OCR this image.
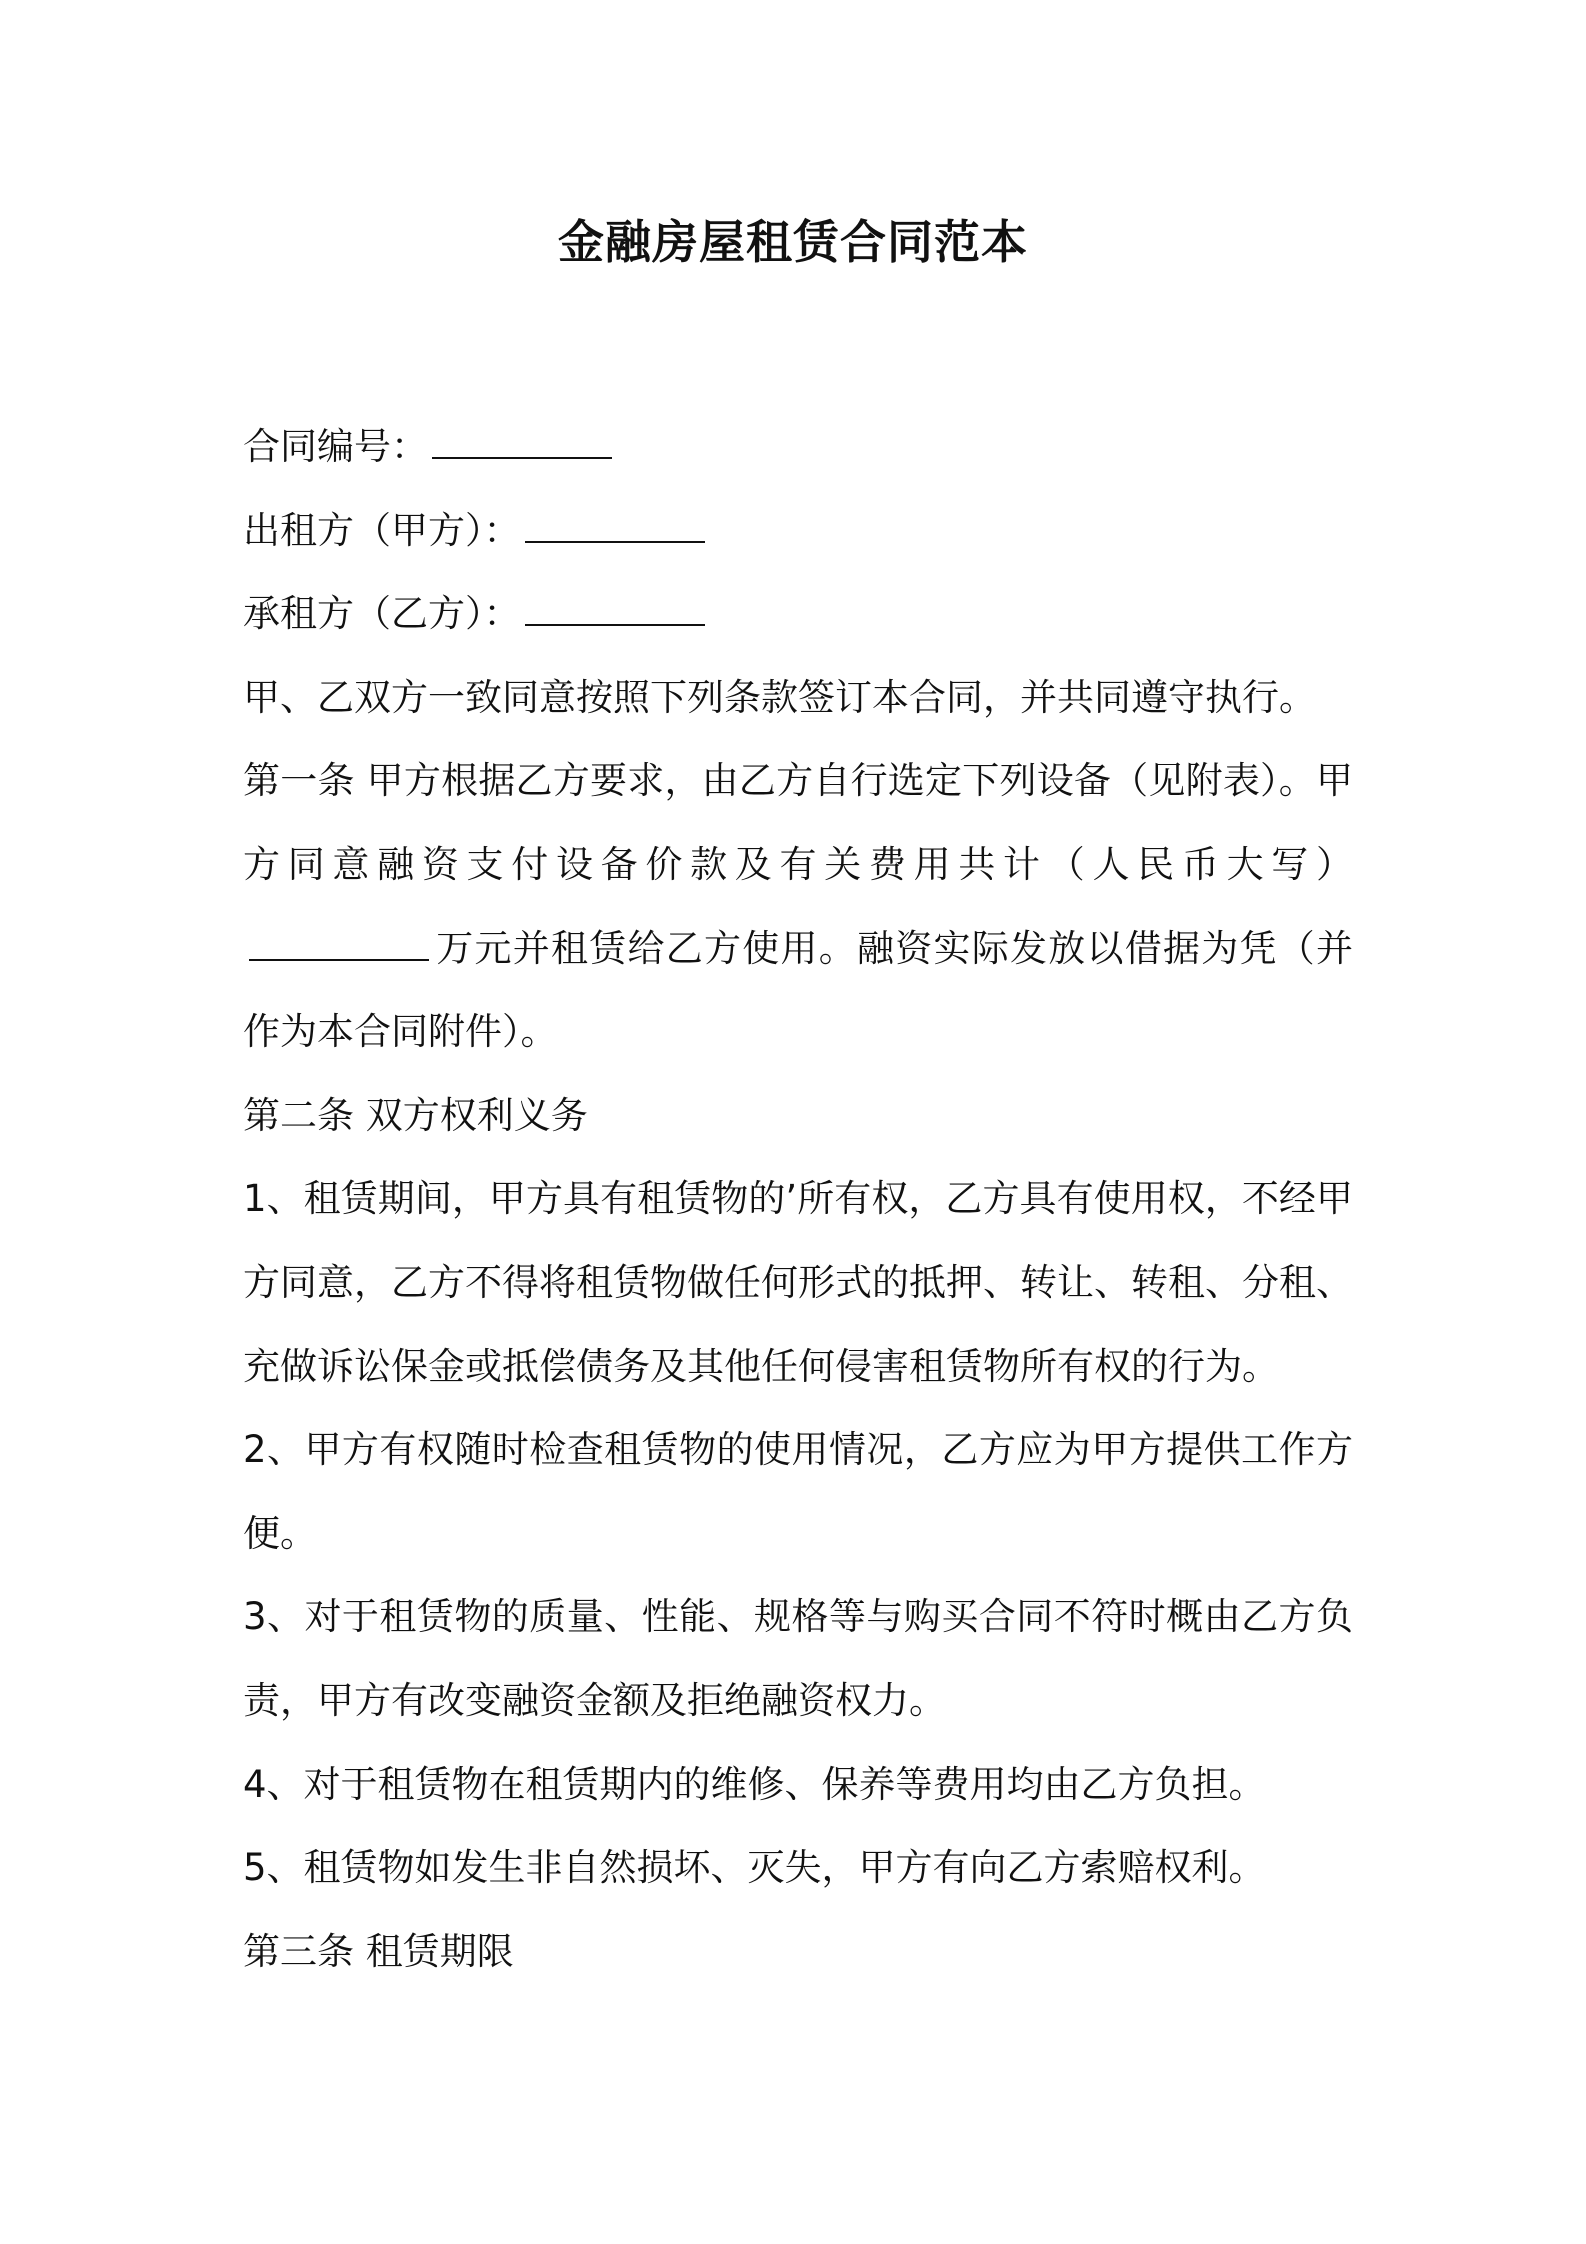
金融房屋租赁合同范本

合同编号：

出租方（甲方）：

承租方（乙方）：

甲、乙双方一致同意按照下列条款签订本合同，并共同遵守执行。

第一条 甲方根据乙方要求，由乙方自行选定下列设备（见附表）。甲方同意融资支付设备价款及有关费用共计（人民币大写）万元并租赁给乙方使用。融资实际发放以借据为凭（并作为本合同附件）。

第二条 双方权利义务

1、租赁期间，甲方具有租赁物的’所有权，乙方具有使用权，不经甲方同意，乙方不得将租赁物做任何形式的抵押、转让、转租、分租、充做诉讼保金或抵偿债务及其他任何侵害租赁物所有权的行为。

2、甲方有权随时检查租赁物的使用情况，乙方应为甲方提供工作方便。

3、对于租赁物的质量、性能、规格等与购买合同不符时概由乙方负责，甲方有改变融资金额及拒绝融资权力。

4、对于租赁物在租赁期内的维修、保养等费用均由乙方负担。

5、租赁物如发生非自然损坏、灭失，甲方有向乙方索赔权利。

第三条 租赁期限
